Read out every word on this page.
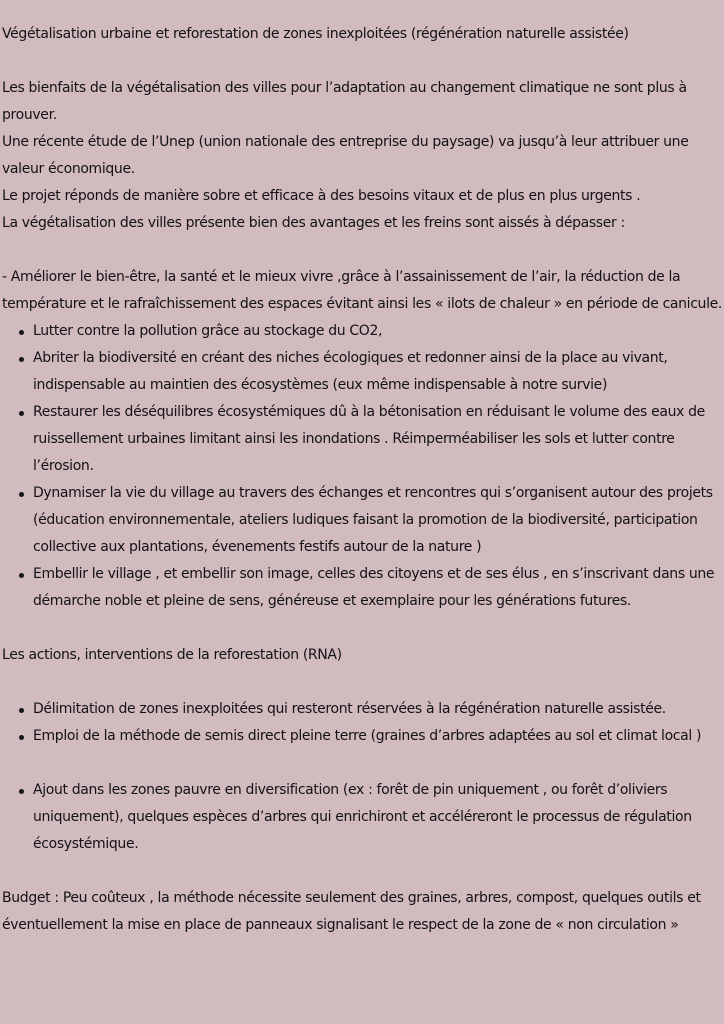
Végétalisation urbaine et reforestation de zones inexploitées (régénération naturelle assistée)

Les bienfaits de la végétalisation des villes pour l’adaptation au changement climatique ne sont plus à prouver.

Une récente étude de l’Unep (union nationale des entreprise du paysage) va jusqu’à leur attribuer une valeur économique.

Le projet réponds de manière sobre et efficace à des besoins vitaux et de plus en plus urgents .

La végétalisation des villes présente bien des avantages et les freins sont aissés à dépasser :

- Améliorer le bien-être, la santé et le mieux vivre ,grâce à l’assainissement de l’air, la réduction de la température et le rafraîchissement des espaces évitant ainsi les « ilots de chaleur » en période de canicule.

Lutter contre la pollution grâce au stockage du CO2,
Abriter la biodiversité en créant des niches écologiques et redonner ainsi de la place au vivant, indispensable au maintien des écosystèmes (eux même indispensable à notre survie)
Restaurer les déséquilibres écosystémiques dû à la bétonisation en réduisant le volume des eaux de ruissellement urbaines limitant ainsi les inondations . Réimperméabiliser les sols et lutter contre l’érosion.
Dynamiser la vie du village au travers des échanges et rencontres qui s’organisent autour des projets (éducation environnementale, ateliers ludiques faisant la promotion de la biodiversité, participation collective aux plantations, évenements festifs autour de la nature )
Embellir le village , et embellir son image, celles des citoyens et de ses élus , en s’inscrivant dans une démarche noble et pleine de sens, généreuse et exemplaire pour les générations futures.

Les actions, interventions de la reforestation (RNA)

Délimitation de zones inexploitées qui resteront réservées à la régénération naturelle assistée.
Emploi de la méthode de semis direct pleine terre (graines d’arbres adaptées au sol et climat local )
Ajout dans les zones pauvre en diversification (ex : forêt de pin uniquement , ou forêt d’oliviers uniquement), quelques espèces d’arbres qui enrichiront et accéléreront le processus de régulation écosystémique.

Budget : Peu coûteux , la méthode nécessite seulement des graines, arbres, compost, quelques outils et éventuellement la mise en place de panneaux signalisant le respect de la zone de « non circulation »
